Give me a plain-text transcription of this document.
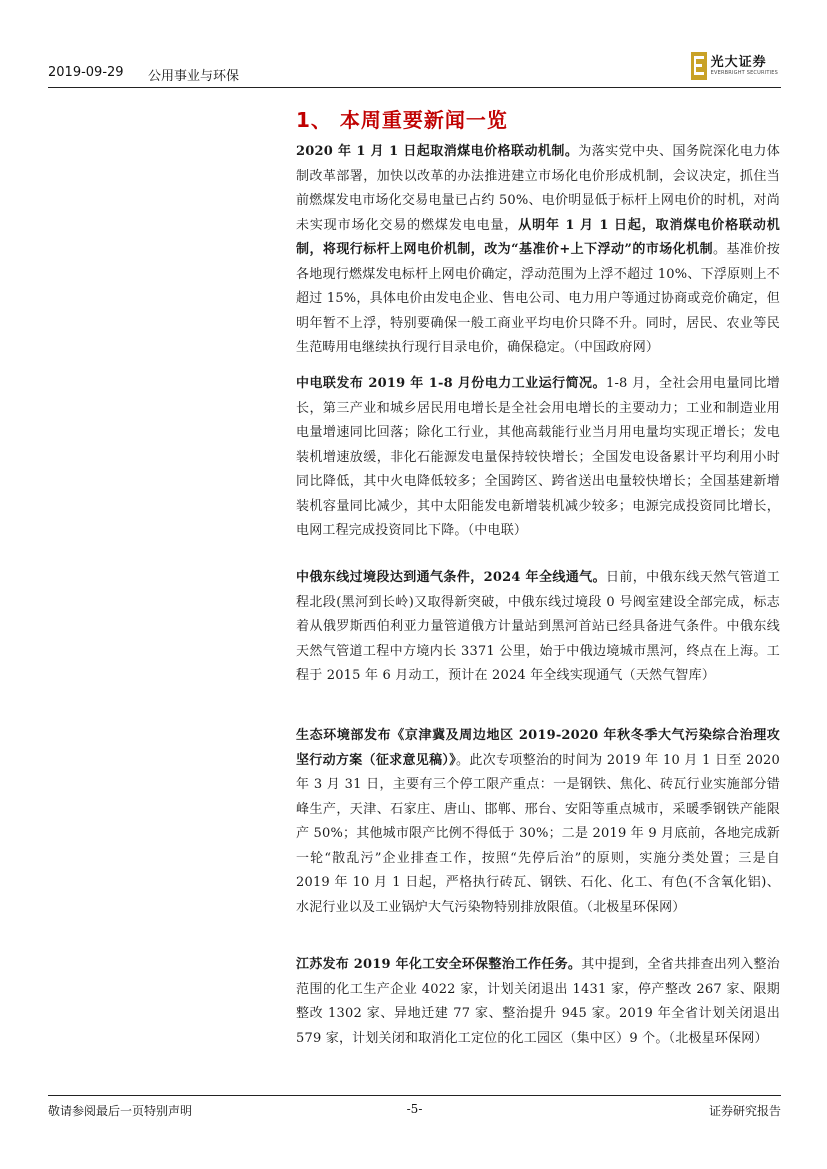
2019-09-29 公用事业与环保
光大证券
EVERBRIGHT SECURITIES
1、 本周重要新闻一览
2020 年 1 月 1 日起取消煤电价格联动机制。为落实党中央、国务院深化电力体制改革部署，加快以改革的办法推进建立市场化电价形成机制，会议决定，抓住当前燃煤发电市场化交易电量已占约 50%、电价明显低于标杆上网电价的时机，对尚未实现市场化交易的燃煤发电电量，从明年 1 月 1 日起，取消煤电价格联动机制，将现行标杆上网电价机制，改为“基准价+上下浮动”的市场化机制。基准价按各地现行燃煤发电标杆上网电价确定，浮动范围为上浮不超过 10%、下浮原则上不超过 15%，具体电价由发电企业、售电公司、电力用户等通过协商或竞价确定，但明年暂不上浮，特别要确保一般工商业平均电价只降不升。同时，居民、农业等民生范畴用电继续执行现行目录电价，确保稳定。（中国政府网）
中电联发布 2019 年 1-8 月份电力工业运行简况。1-8 月，全社会用电量同比增长，第三产业和城乡居民用电增长是全社会用电增长的主要动力；工业和制造业用电量增速同比回落；除化工行业，其他高载能行业当月用电量均实现正增长；发电装机增速放缓，非化石能源发电量保持较快增长；全国发电设备累计平均利用小时同比降低，其中火电降低较多；全国跨区、跨省送出电量较快增长；全国基建新增装机容量同比减少，其中太阳能发电新增装机减少较多；电源完成投资同比增长，电网工程完成投资同比下降。（中电联）
中俄东线过境段达到通气条件，2024 年全线通气。日前，中俄东线天然气管道工程北段(黑河到长岭)又取得新突破，中俄东线过境段 0 号阀室建设全部完成，标志着从俄罗斯西伯利亚力量管道俄方计量站到黑河首站已经具备进气条件。中俄东线天然气管道工程中方境内长 3371 公里，始于中俄边境城市黑河，终点在上海。工程于 2015 年 6 月动工，预计在 2024 年全线实现通气（天然气智库）
生态环境部发布《京津冀及周边地区 2019-2020 年秋冬季大气污染综合治理攻坚行动方案（征求意见稿）》。此次专项整治的时间为 2019 年 10 月 1 日至 2020 年 3 月 31 日，主要有三个停工限产重点：一是钢铁、焦化、砖瓦行业实施部分错峰生产，天津、石家庄、唐山、邯郸、邢台、安阳等重点城市，采暖季钢铁产能限产 50%；其他城市限产比例不得低于 30%；二是 2019 年 9 月底前，各地完成新一轮“散乱污”企业排查工作，按照“先停后治”的原则，实施分类处置；三是自 2019 年 10 月 1 日起，严格执行砖瓦、钢铁、石化、化工、有色(不含氧化铝)、水泥行业以及工业锅炉大气污染物特别排放限值。（北极星环保网）
江苏发布 2019 年化工安全环保整治工作任务。其中提到，全省共排查出列入整治范围的化工生产企业 4022 家，计划关闭退出 1431 家，停产整改 267 家、限期整改 1302 家、异地迁建 77 家、整治提升 945 家。2019 年全省计划关闭退出 579 家，计划关闭和取消化工定位的化工园区（集中区）9 个。（北极星环保网）
敬请参阅最后一页特别声明	-5-	证券研究报告
